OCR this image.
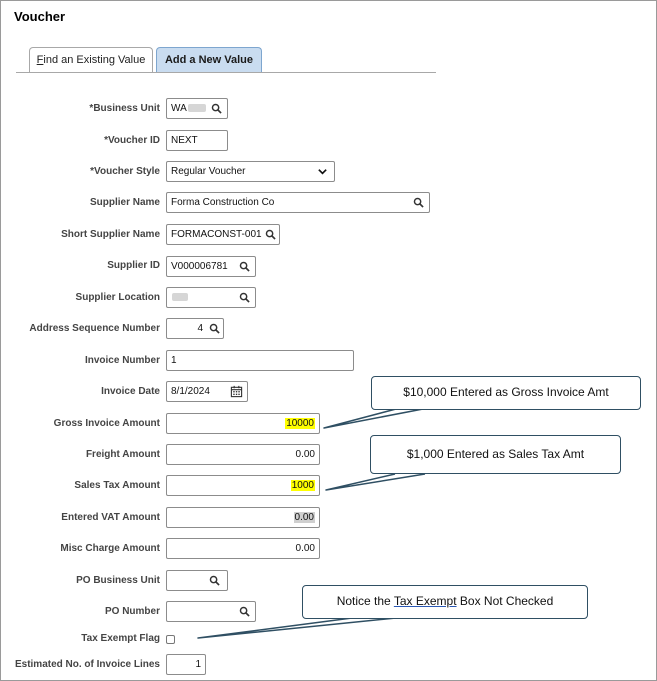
Voucher
Find an Existing Value	Add a New Value
*Business Unit	WA
*Voucher ID	NEXT
*Voucher Style	Regular Voucher
Supplier Name	Forma Construction Co
Short Supplier Name	FORMACONST-001
Supplier ID	V000006781
Supplier Location
Address Sequence Number	4
Invoice Number	1
Invoice Date	8/1/2024
Gross Invoice Amount	10000
Freight Amount	0.00
Sales Tax Amount	1000
Entered VAT Amount	0.00
Misc Charge Amount	0.00
PO Business Unit
PO Number
Tax Exempt Flag
Estimated No. of Invoice Lines	1
$10,000 Entered as Gross Invoice Amt
$1,000 Entered as Sales Tax Amt
Notice the Tax Exempt Box Not Checked
